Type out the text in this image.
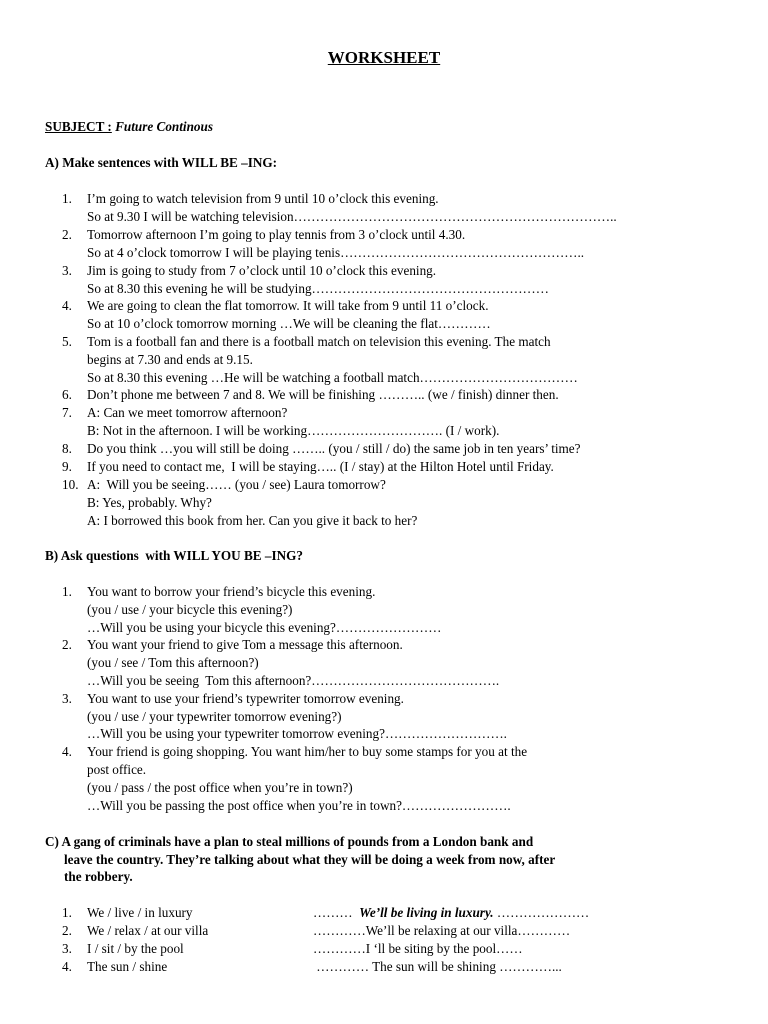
WORKSHEET
SUBJECT : Future Continous
A) Make sentences with WILL BE –ING:
1. I’m going to watch television from 9 until 10 o’clock this evening.
So at 9.30 I will be watching television………………………………………………………………..
2. Tomorrow afternoon I’m going to play tennis from 3 o’clock until 4.30.
So at 4 o’clock tomorrow I will be playing tenis………………………………………………..
3. Jim is going to study from 7 o’clock until 10 o’clock this evening.
So at 8.30 this evening he will be studying………………………………………………
4. We are going to clean the flat tomorrow. It will take from 9 until 11 o’clock.
So at 10 o’clock tomorrow morning …We will be cleaning the flat…………
5. Tom is a football fan and there is a football match on television this evening. The match
begins at 7.30 and ends at 9.15.
So at 8.30 this evening …He will be watching a football match………………………………
6. Don’t phone me between 7 and 8. We will be finishing ……….. (we / finish) dinner then.
7. A: Can we meet tomorrow afternoon?
B: Not in the afternoon. I will be working…………………………. (I / work).
8. Do you think …you will still be doing …….. (you / still / do) the same job in ten years’ time?
9. If you need to contact me,  I will be staying….. (I / stay) at the Hilton Hotel until Friday.
10. A:  Will you be seeing…… (you / see) Laura tomorrow?
B: Yes, probably. Why?
A: I borrowed this book from her. Can you give it back to her?
B) Ask questions  with WILL YOU BE –ING?
1. You want to borrow your friend’s bicycle this evening.
(you / use / your bicycle this evening?)
…Will you be using your bicycle this evening?……………………
2. You want your friend to give Tom a message this afternoon.
(you / see / Tom this afternoon?)
…Will you be seeing  Tom this afternoon?…………………………………….
3. You want to use your friend’s typewriter tomorrow evening.
(you / use / your typewriter tomorrow evening?)
…Will you be using your typewriter tomorrow evening?……………………….
4. Your friend is going shopping. You want him/her to buy some stamps for you at the
post office.
(you / pass / the post office when you’re in town?)
…Will you be passing the post office when you’re in town?…………………….
C) A gang of criminals have a plan to steal millions of pounds from a London bank and
leave the country. They’re talking about what they will be doing a week from now, after
the robbery.
1. We / live / in luxury	………  We’ll be living in luxury. …………………
2. We / relax / at our villa	…………We’ll be relaxing at our villa…………
3. I / sit / by the pool	…………I ‘ll be siting by the pool……
4. The sun / shine	………… The sun will be shining …………...
